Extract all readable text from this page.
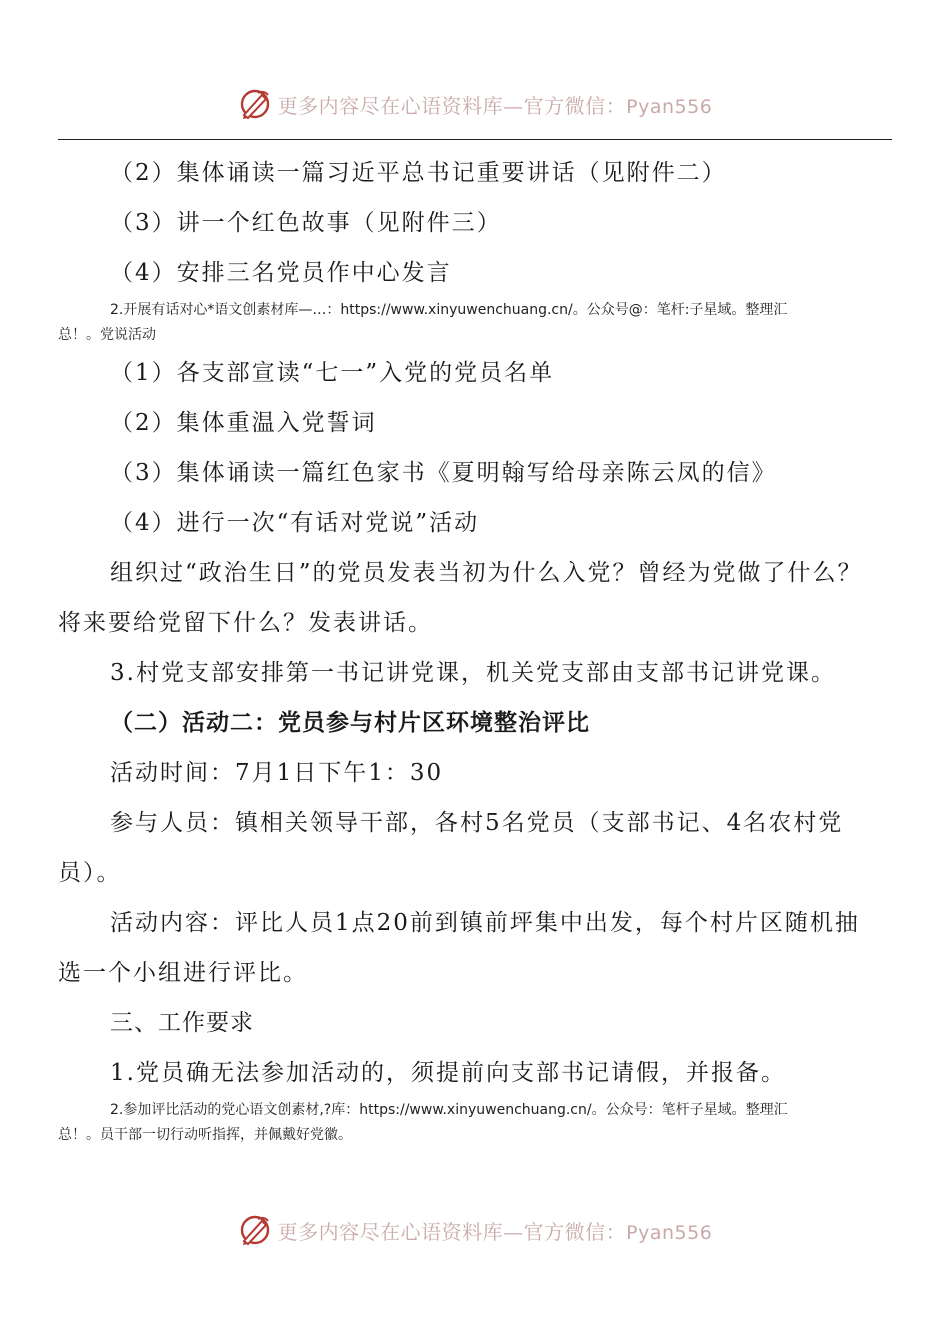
更多内容尽在心语资料库—官方微信：Pyan556

（2）集体诵读一篇习近平总书记重要讲话（见附件二）

（3）讲一个红色故事（见附件三）

（4）安排三名党员作中心发言

2.开展有话对心*语文创素材库—…：https://www.xinyuwenchuang.cn/。公众号@：笔杆:子星域。整理汇
总！。党说活动

（1）各支部宣读“七一”入党的党员名单

（2）集体重温入党誓词

（3）集体诵读一篇红色家书《夏明翰写给母亲陈云凤的信》

（4）进行一次“有话对党说”活动

组织过“政治生日”的党员发表当初为什么入党？曾经为党做了什么？

将来要给党留下什么？发表讲话。

3.村党支部安排第一书记讲党课，机关党支部由支部书记讲党课。

（二）活动二：党员参与村片区环境整治评比

活动时间：7月1日下午1：30

参与人员：镇相关领导干部，各村5名党员（支部书记、4名农村党

员）。

活动内容：评比人员1点20前到镇前坪集中出发，每个村片区随机抽

选一个小组进行评比。

三、工作要求

1.党员确无法参加活动的，须提前向支部书记请假，并报备。

2.参加评比活动的党心语文创素材,?库：https://www.xinyuwenchuang.cn/。公众号：笔杆子星域。整理汇
总！。员干部一切行动听指挥，并佩戴好党徽。
更多内容尽在心语资料库—官方微信：Pyan556
